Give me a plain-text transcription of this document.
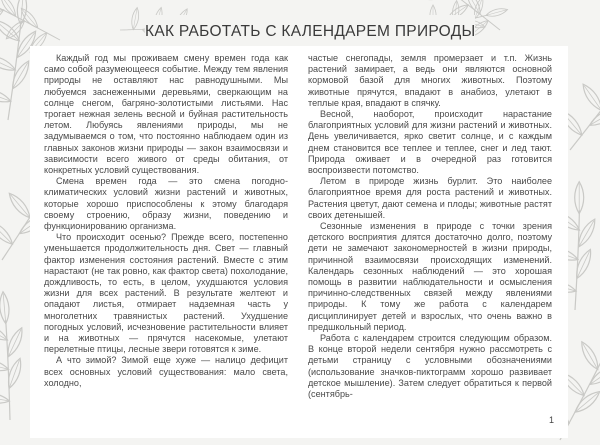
КАК РАБОТАТЬ С КАЛЕНДАРЕМ ПРИРОДЫ

Каждый год мы проживаем смену времен года как само собой разумеющееся событие. Между тем явления природы не оставляют нас равнодушными. Мы любуемся заснеженными деревьями, сверкающим на солнце снегом, багряно-золотистыми листьями. Нас трогает нежная зелень весной и буйная растительность летом. Любуясь явлениями природы, мы не задумываемся о том, что постоянно наблюдаем один из главных законов жизни природы — закон взаимосвязи и зависимости всего живого от среды обитания, от конкретных условий существования.

Смена времен года — это смена погодно-климатических условий жизни растений и животных, которые хорошо приспособлены к этому благодаря своему строению, образу жизни, поведению и функционированию организма.

Что происходит осенью? Прежде всего, постепенно уменьшается продолжительность дня. Свет — главный фактор изменения состояния растений. Вместе с этим нарастают (не так ровно, как фактор света) похолодание, дождливость, то есть, в целом, ухудшаются условия жизни для всех растений. В результате желтеют и опадают листья, отмирает надземная часть у многолетних травянистых растений. Ухудшение погодных условий, исчезновение растительности влияет и на животных — прячутся насекомые, улетают перелетные птицы, лесные звери готовятся к зиме.

А что зимой? Зимой еще хуже — налицо дефицит всех основных условий существования: мало света, холодно,

частые снегопады, земля промерзает и т.п. Жизнь растений замирает, а ведь они являются основной кормовой базой для многих животных. Поэтому животные прячутся, впадают в анабиоз, улетают в теплые края, впадают в спячку.

Весной, наоборот, происходит нарастание благоприятных условий для жизни растений и животных. День увеличивается, ярко светит солнце, и с каждым днем становится все теплее и теплее, снег и лед тают. Природа оживает и в очередной раз готовится воспроизвести потомство.

Летом в природе жизнь бурлит. Это наиболее благоприятное время для роста растений и животных. Растения цветут, дают семена и плоды; животные растят своих детенышей.

Сезонные изменения в природе с точки зрения детского восприятия длятся достаточно долго, поэтому дети не замечают закономерностей в жизни природы, причинной взаимосвязи происходящих изменений. Календарь сезонных наблюдений — это хорошая помощь в развитии наблюдательности и осмысления причинно-следственных связей между явлениями природы. К тому же работа с календарем дисциплинирует детей и взрослых, что очень важно в предшкольный период.

Работа с календарем строится следующим образом. В конце второй недели сентября нужно рассмотреть с детьми страницу с условными обозначениями (использование значков-пиктограмм хорошо развивает детское мышление). Затем следует обратиться к первой (сентябрь-

1
